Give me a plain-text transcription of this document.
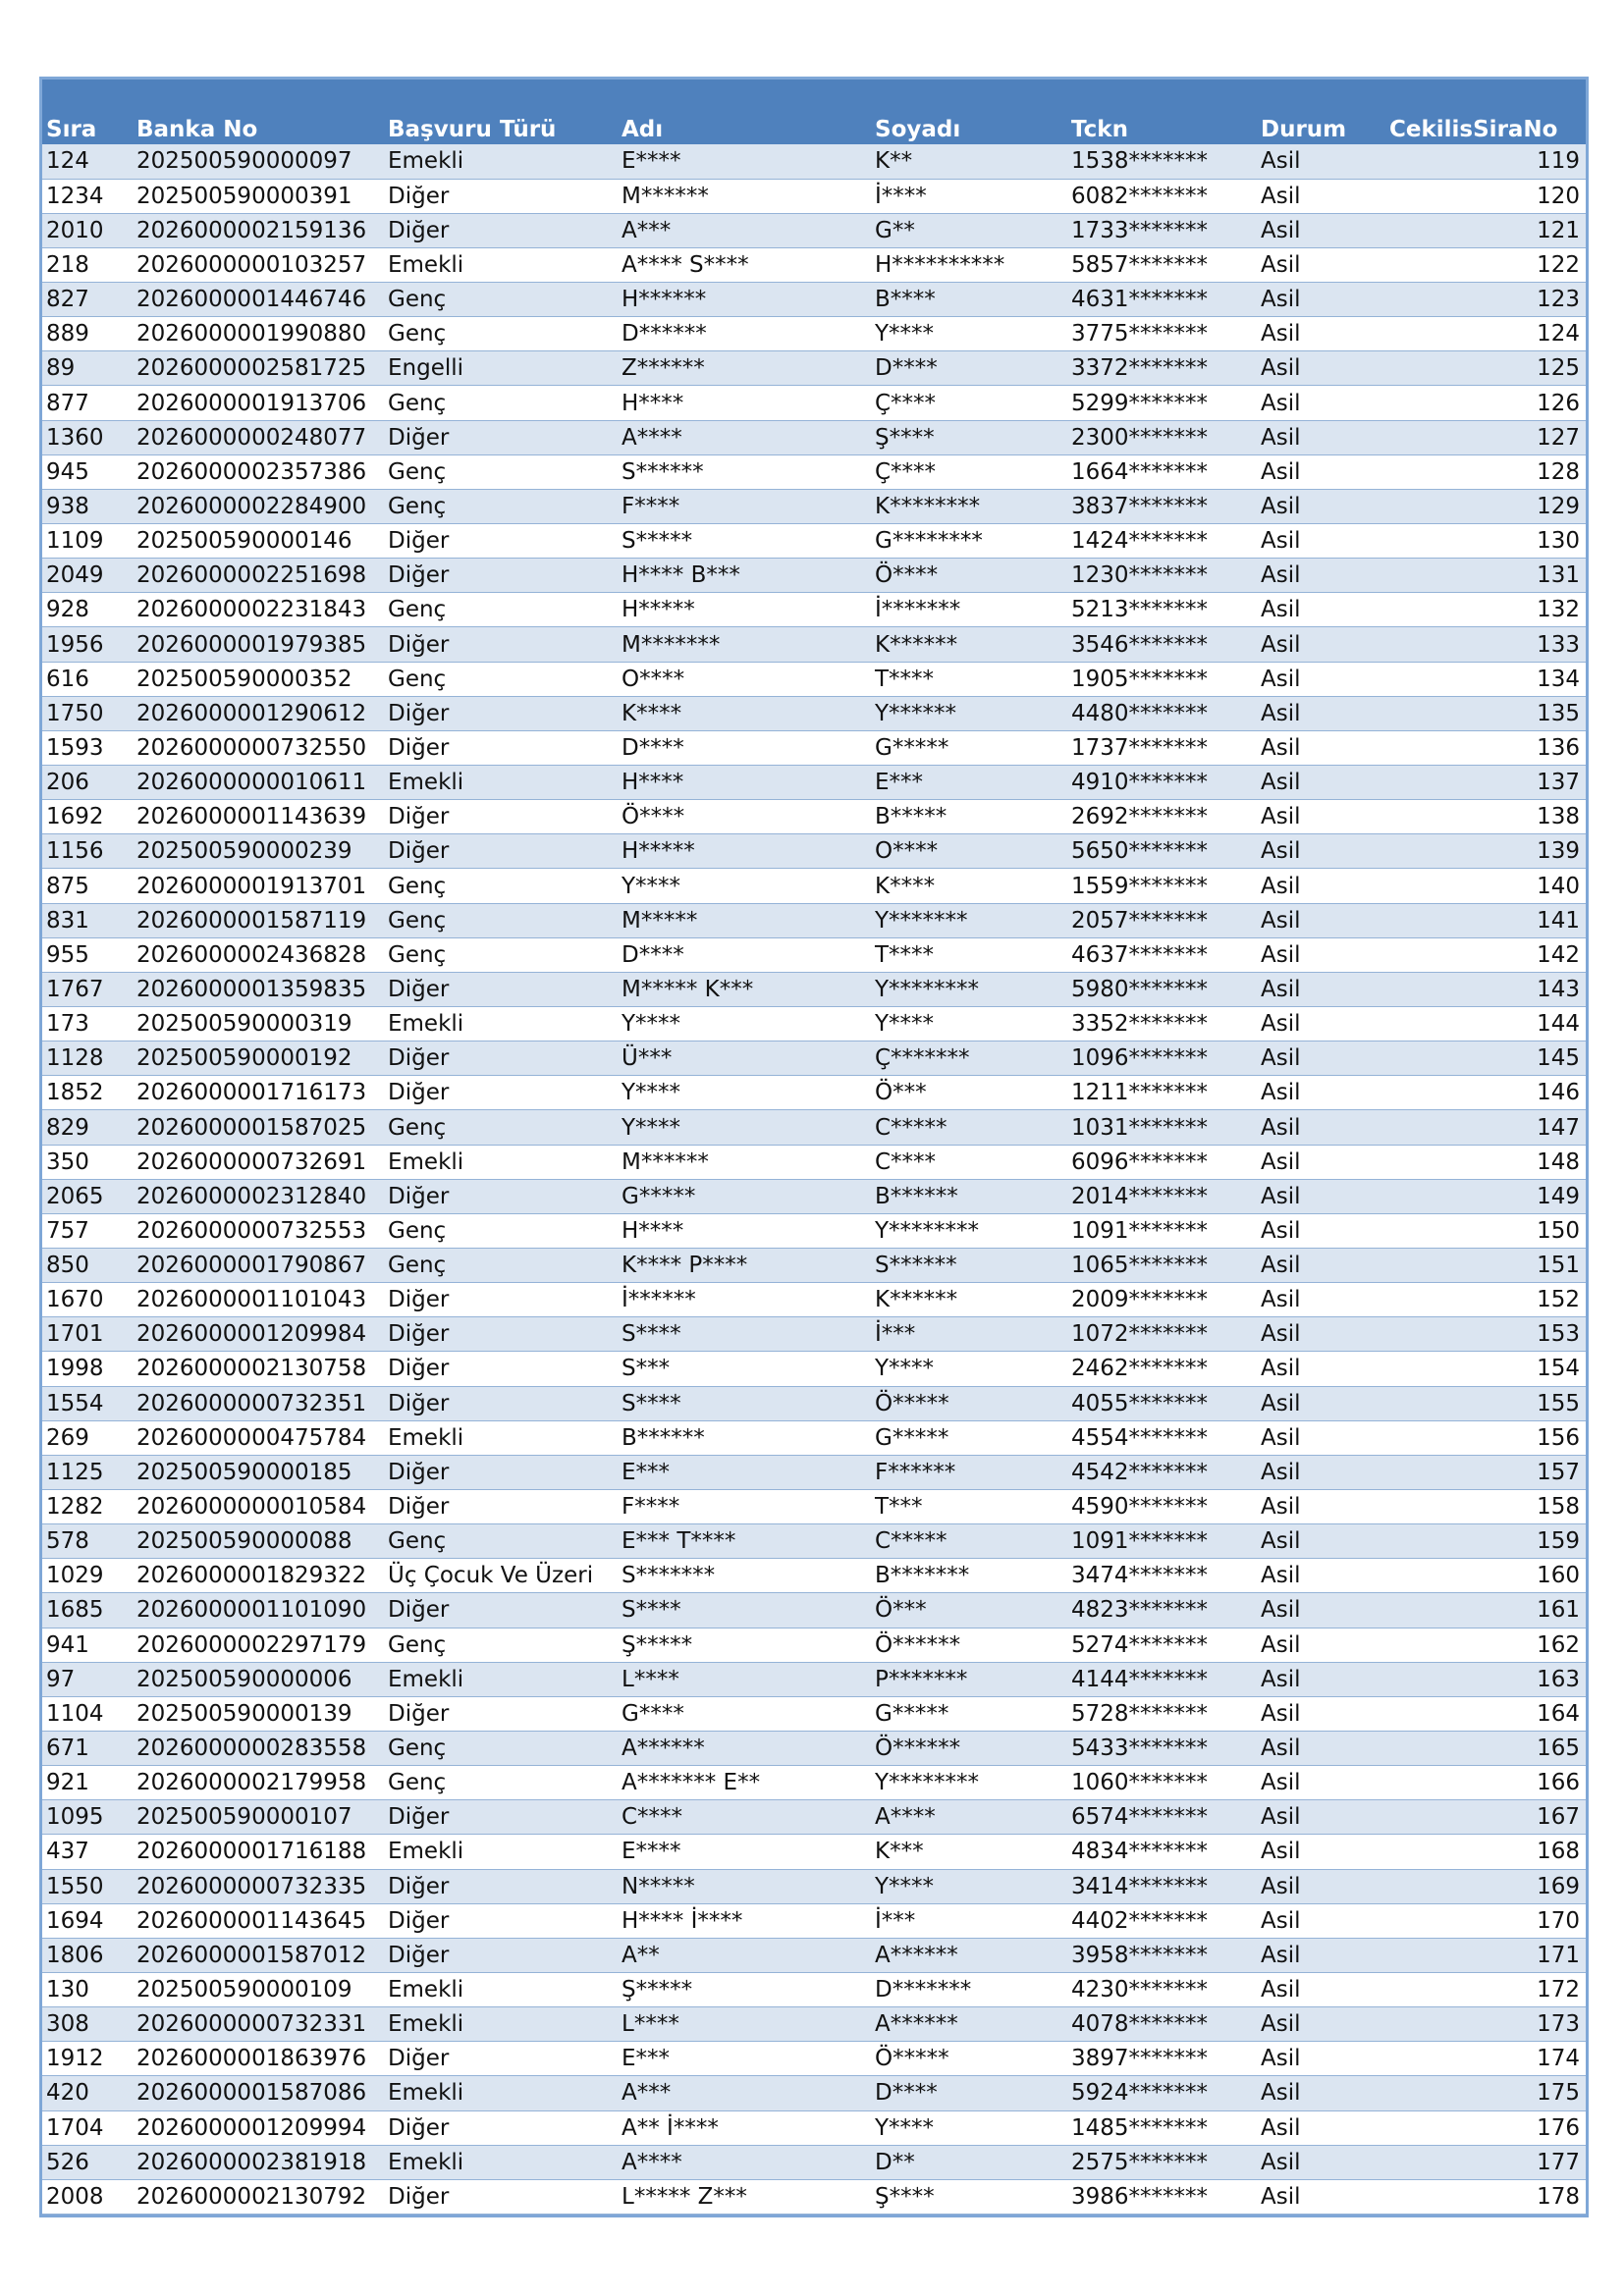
Sıra	Banka No	Başvuru Türü	Adı	Soyadı	Tckn	Durum	CekilisSiraNo
124	202500590000097	Emekli	E****	K**	1538*******	Asil	119
1234	202500590000391	Diğer	M******	İ****	6082*******	Asil	120
2010	2026000002159136	Diğer	A***	G**	1733*******	Asil	121
218	2026000000103257	Emekli	A**** S****	H**********	5857*******	Asil	122
827	2026000001446746	Genç	H******	B****	4631*******	Asil	123
889	2026000001990880	Genç	D******	Y****	3775*******	Asil	124
89	2026000002581725	Engelli	Z******	D****	3372*******	Asil	125
877	2026000001913706	Genç	H****	Ç****	5299*******	Asil	126
1360	2026000000248077	Diğer	A****	Ş****	2300*******	Asil	127
945	2026000002357386	Genç	S******	Ç****	1664*******	Asil	128
938	2026000002284900	Genç	F****	K********	3837*******	Asil	129
1109	202500590000146	Diğer	S*****	G********	1424*******	Asil	130
2049	2026000002251698	Diğer	H**** B***	Ö****	1230*******	Asil	131
928	2026000002231843	Genç	H*****	İ*******	5213*******	Asil	132
1956	2026000001979385	Diğer	M*******	K******	3546*******	Asil	133
616	202500590000352	Genç	O****	T****	1905*******	Asil	134
1750	2026000001290612	Diğer	K****	Y******	4480*******	Asil	135
1593	2026000000732550	Diğer	D****	G*****	1737*******	Asil	136
206	2026000000010611	Emekli	H****	E***	4910*******	Asil	137
1692	2026000001143639	Diğer	Ö****	B*****	2692*******	Asil	138
1156	202500590000239	Diğer	H*****	O****	5650*******	Asil	139
875	2026000001913701	Genç	Y****	K****	1559*******	Asil	140
831	2026000001587119	Genç	M*****	Y*******	2057*******	Asil	141
955	2026000002436828	Genç	D****	T****	4637*******	Asil	142
1767	2026000001359835	Diğer	M***** K***	Y********	5980*******	Asil	143
173	202500590000319	Emekli	Y****	Y****	3352*******	Asil	144
1128	202500590000192	Diğer	Ü***	Ç*******	1096*******	Asil	145
1852	2026000001716173	Diğer	Y****	Ö***	1211*******	Asil	146
829	2026000001587025	Genç	Y****	C*****	1031*******	Asil	147
350	2026000000732691	Emekli	M******	C****	6096*******	Asil	148
2065	2026000002312840	Diğer	G*****	B******	2014*******	Asil	149
757	2026000000732553	Genç	H****	Y********	1091*******	Asil	150
850	2026000001790867	Genç	K**** P****	S******	1065*******	Asil	151
1670	2026000001101043	Diğer	İ******	K******	2009*******	Asil	152
1701	2026000001209984	Diğer	S****	İ***	1072*******	Asil	153
1998	2026000002130758	Diğer	S***	Y****	2462*******	Asil	154
1554	2026000000732351	Diğer	S****	Ö*****	4055*******	Asil	155
269	2026000000475784	Emekli	B******	G*****	4554*******	Asil	156
1125	202500590000185	Diğer	E***	F******	4542*******	Asil	157
1282	2026000000010584	Diğer	F****	T***	4590*******	Asil	158
578	202500590000088	Genç	E*** T****	C*****	1091*******	Asil	159
1029	2026000001829322	Üç Çocuk Ve Üzeri	S*******	B*******	3474*******	Asil	160
1685	2026000001101090	Diğer	S****	Ö***	4823*******	Asil	161
941	2026000002297179	Genç	Ş*****	Ö******	5274*******	Asil	162
97	202500590000006	Emekli	L****	P*******	4144*******	Asil	163
1104	202500590000139	Diğer	G****	G*****	5728*******	Asil	164
671	2026000000283558	Genç	A******	Ö******	5433*******	Asil	165
921	2026000002179958	Genç	A******* E**	Y********	1060*******	Asil	166
1095	202500590000107	Diğer	C****	A****	6574*******	Asil	167
437	2026000001716188	Emekli	E****	K***	4834*******	Asil	168
1550	2026000000732335	Diğer	N*****	Y****	3414*******	Asil	169
1694	2026000001143645	Diğer	H**** İ****	İ***	4402*******	Asil	170
1806	2026000001587012	Diğer	A**	A******	3958*******	Asil	171
130	202500590000109	Emekli	Ş*****	D*******	4230*******	Asil	172
308	2026000000732331	Emekli	L****	A******	4078*******	Asil	173
1912	2026000001863976	Diğer	E***	Ö*****	3897*******	Asil	174
420	2026000001587086	Emekli	A***	D****	5924*******	Asil	175
1704	2026000001209994	Diğer	A** İ****	Y****	1485*******	Asil	176
526	2026000002381918	Emekli	A****	D**	2575*******	Asil	177
2008	2026000002130792	Diğer	L***** Z***	Ş****	3986*******	Asil	178
